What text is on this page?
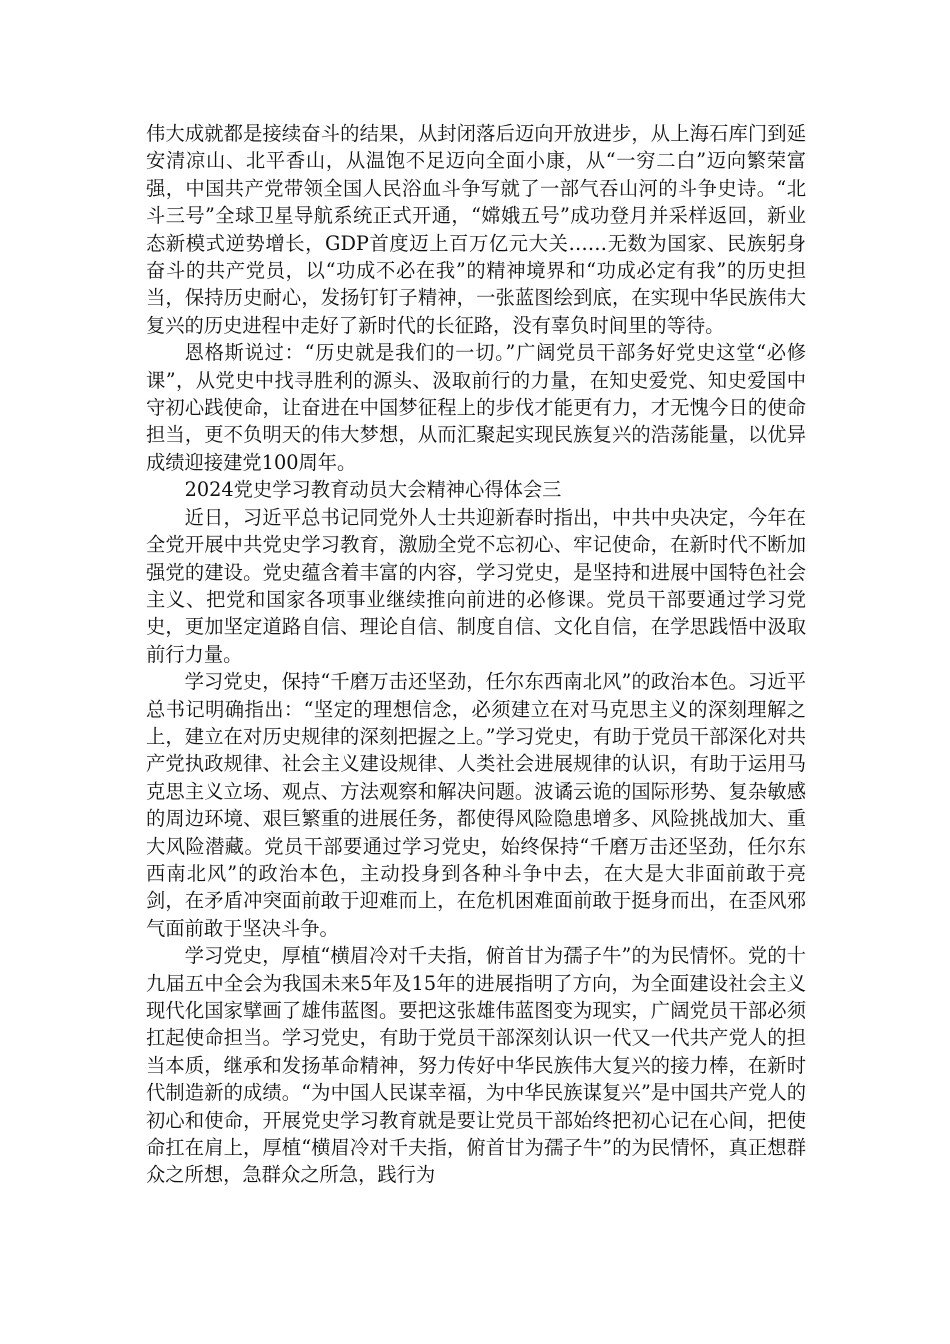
伟大成就都是接续奋斗的结果，从封闭落后迈向开放进步，从上海石库门到延安清凉山、北平香山，从温饱不足迈向全面小康，从“一穷二白”迈向繁荣富强，中国共产党带领全国人民浴血斗争写就了一部气吞山河的斗争史诗。“北斗三号”全球卫星导航系统正式开通，“嫦娥五号”成功登月并采样返回，新业态新模式逆势增长，GDP首度迈上百万亿元大关……无数为国家、民族躬身奋斗的共产党员，以“功成不必在我”的精神境界和“功成必定有我”的历史担当，保持历史耐心，发扬钉钉子精神，一张蓝图绘到底，在实现中华民族伟大复兴的历史进程中走好了新时代的长征路，没有辜负时间里的等待。

恩格斯说过：“历史就是我们的一切。”广阔党员干部务好党史这堂“必修课”，从党史中找寻胜利的源头、汲取前行的力量，在知史爱党、知史爱国中守初心践使命，让奋进在中国梦征程上的步伐才能更有力，才无愧今日的使命担当，更不负明天的伟大梦想，从而汇聚起实现民族复兴的浩荡能量，以优异成绩迎接建党100周年。

2024党史学习教育动员大会精神心得体会三

近日，习近平总书记同党外人士共迎新春时指出，中共中央决定，今年在全党开展中共党史学习教育，激励全党不忘初心、牢记使命，在新时代不断加强党的建设。党史蕴含着丰富的内容，学习党史，是坚持和进展中国特色社会主义、把党和国家各项事业继续推向前进的必修课。党员干部要通过学习党史，更加坚定道路自信、理论自信、制度自信、文化自信，在学思践悟中汲取前行力量。

学习党史，保持“千磨万击还坚劲，任尔东西南北风”的政治本色。习近平总书记明确指出：“坚定的理想信念，必须建立在对马克思主义的深刻理解之上，建立在对历史规律的深刻把握之上。”学习党史，有助于党员干部深化对共产党执政规律、社会主义建设规律、人类社会进展规律的认识，有助于运用马克思主义立场、观点、方法观察和解决问题。波谲云诡的国际形势、复杂敏感的周边环境、艰巨繁重的进展任务，都使得风险隐患增多、风险挑战加大、重大风险潜藏。党员干部要通过学习党史，始终保持“千磨万击还坚劲，任尔东西南北风”的政治本色，主动投身到各种斗争中去，在大是大非面前敢于亮剑，在矛盾冲突面前敢于迎难而上，在危机困难面前敢于挺身而出，在歪风邪气面前敢于坚决斗争。

学习党史，厚植“横眉冷对千夫指，俯首甘为孺子牛”的为民情怀。党的十九届五中全会为我国未来5年及15年的进展指明了方向，为全面建设社会主义现代化国家擘画了雄伟蓝图。要把这张雄伟蓝图变为现实，广阔党员干部必须扛起使命担当。学习党史，有助于党员干部深刻认识一代又一代共产党人的担当本质，继承和发扬革命精神，努力传好中华民族伟大复兴的接力棒，在新时代制造新的成绩。“为中国人民谋幸福，为中华民族谋复兴”是中国共产党人的初心和使命，开展党史学习教育就是要让党员干部始终把初心记在心间，把使命扛在肩上，厚植“横眉冷对千夫指，俯首甘为孺子牛”的为民情怀，真正想群众之所想，急群众之所急，践行为
